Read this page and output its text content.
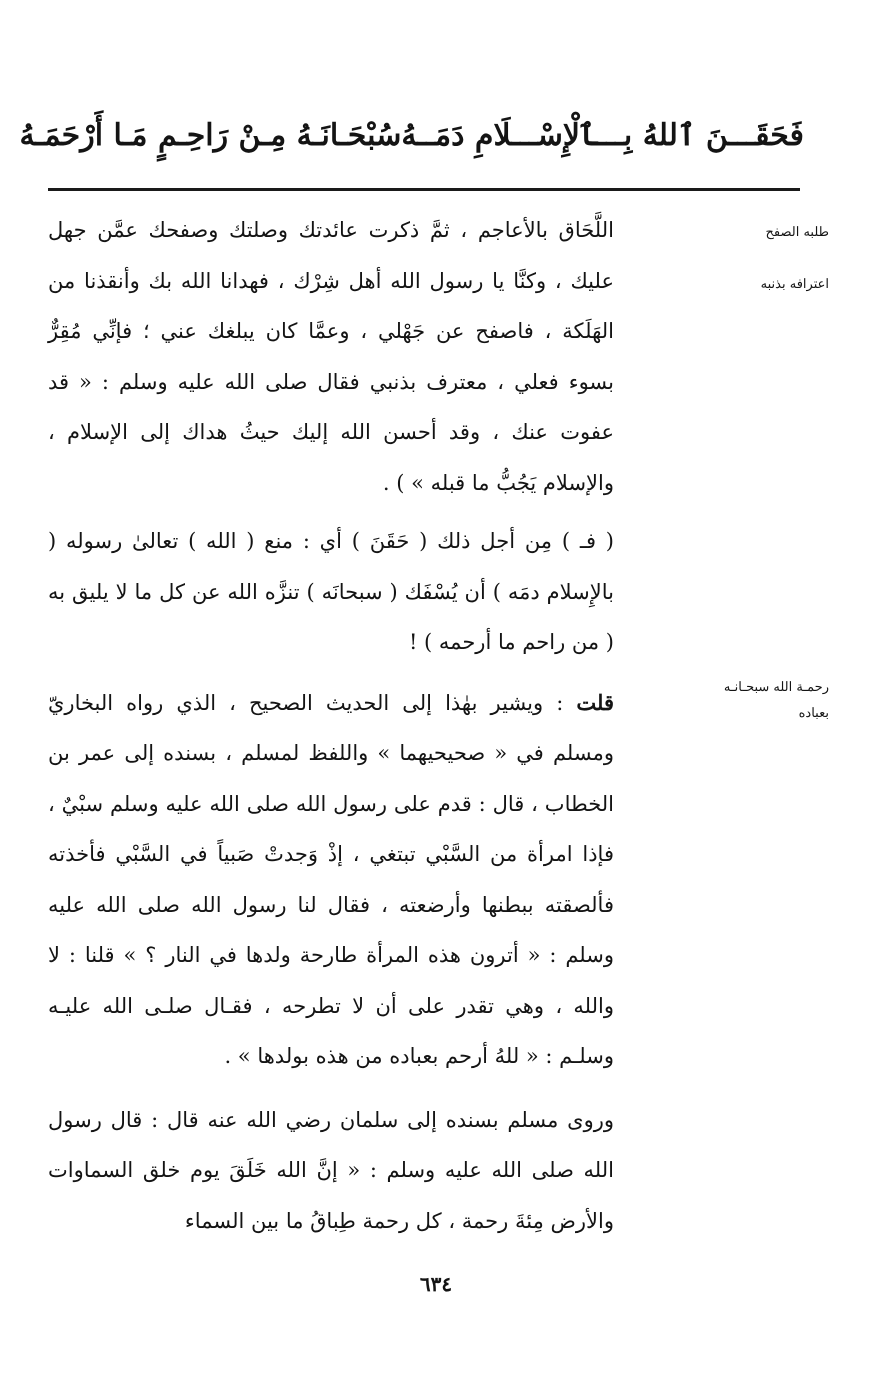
فَحَقَـــنَ ٱللهُ بِـــٱلْإِسْـــلَامِ دَمَــهُ
سُبْحَـانَـهُ مِـنْ رَاحِـمٍ مَـا أَرْحَمَـهُ
طلبه الصفح
اعترافه بذنبه
رحمـة الله سبحـانـه بعباده

اللَّحَاق بالأعاجم ، ثمَّ ذكرت عائدتك وصلتك وصفحك عمَّن جهل عليك ، وكنَّا يا رسول الله أهل شِرْك ، فهدانا الله بك وأنقذنا من الهَلَكة ، فاصفح عن جَهْلي ، وعمَّا كان يبلغك عني ؛ فإنِّي مُقِرٌّ بسوء فعلي ، معترف بذنبي فقال صلى الله عليه وسلم : « قد عفوت عنك ، وقد أحسن الله إليك حيثُ هداك إلى الإسلام ، والإسلام يَجُبُّ ما قبله » ) .

( فـ ) مِن أجل ذلك ( حَقَنَ ) أي : منع ( الله ) تعالىٰ رسوله ( بالإِسلام دمَه ) أن يُسْفَك ( سبحانَه ) تنزَّه الله عن كل ما لا يليق به ( من راحم ما أرحمه ) !

قلت : ويشير بهٰذا إلى الحديث الصحيح ، الذي رواه البخاريّ ومسلم في « صحيحيهما » واللفظ لمسلم ، بسنده إلى عمر بن الخطاب ، قال : قدم على رسول الله صلى الله عليه وسلم سبْيٌ ، فإذا امرأة من السَّبْي تبتغي ، إذْ وَجدتْ صَبياً في السَّبْي فأخذته فألصقته ببطنها وأرضعته ، فقال لنا رسول الله صلى الله عليه وسلم : « أترون هذه المرأة طارحة ولدها في النار ؟ » قلنا : لا والله ، وهي تقدر على أن لا تطرحه ، فقـال صلـى الله عليـه وسلـم : « للهُ أرحم بعباده من هذه بولدها » .

وروى مسلم بسنده إلى سلمان رضي الله عنه قال : قال رسول الله صلى الله عليه وسلم : « إنَّ الله خَلَقَ يوم خلق السماوات والأرض مِئةَ رحمة ، كل رحمة طِباقُ ما بين السماء

٦٣٤
